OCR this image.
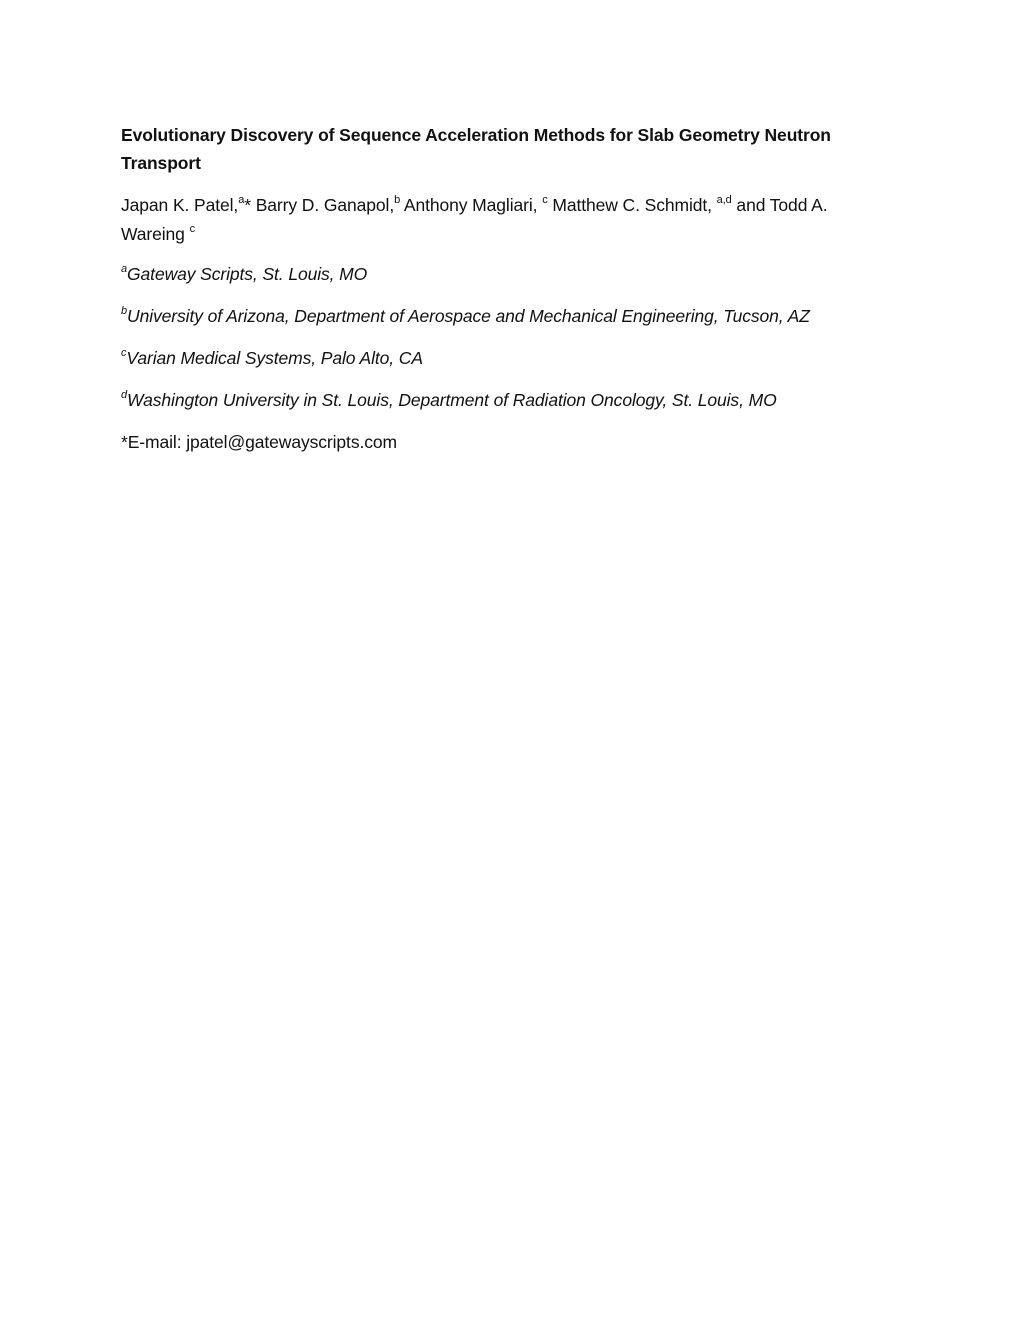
Evolutionary Discovery of Sequence Acceleration Methods for Slab Geometry Neutron Transport

Japan K. Patel,$^a$* Barry D. Ganapol,$^b$ Anthony Magliari, $^c$ Matthew C. Schmidt, $^{a,d}$ and Todd A. Wareing $^c$

$^a$Gateway Scripts, St. Louis, MO

$^b$University of Arizona, Department of Aerospace and Mechanical Engineering, Tucson, AZ

$^c$Varian Medical Systems, Palo Alto, CA

$^d$Washington University in St. Louis, Department of Radiation Oncology, St. Louis, MO

*E-mail: jpatel@gatewayscripts.com
